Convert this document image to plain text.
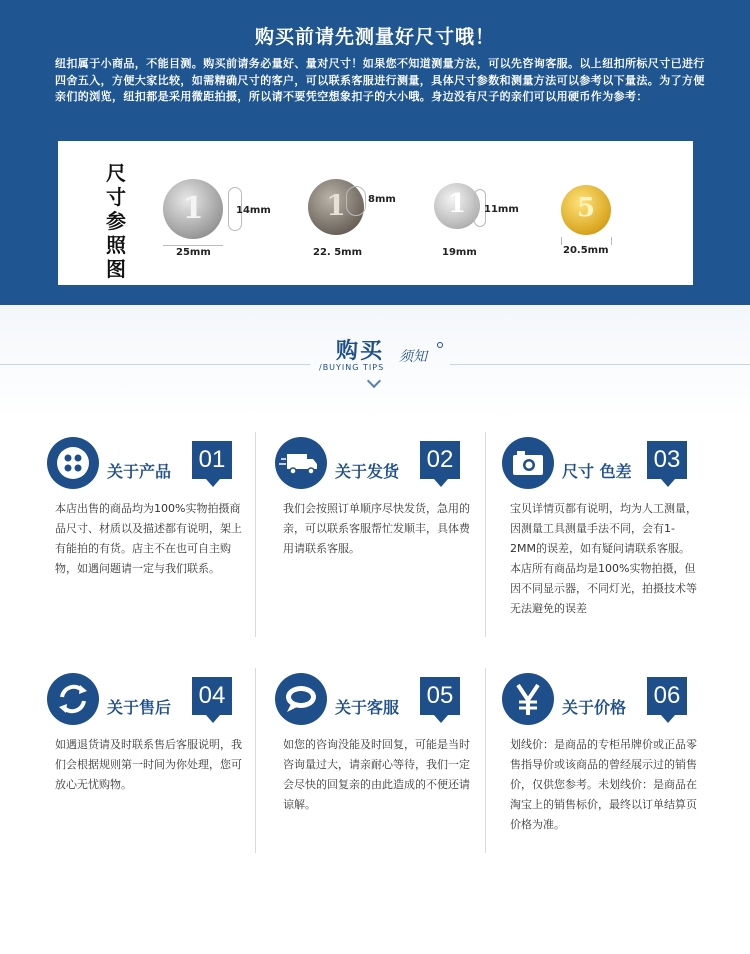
购买前请先测量好尺寸哦！
纽扣属于小商品，不能目测。购买前请务必量好、量对尺寸！如果您不知道测量方法，可以先咨询客服。以上纽扣所标尺寸已进行四舍五入，方便大家比较，如需精确尺寸的客户，可以联系客服进行测量，具体尺寸参数和测量方法可以参考以下量法。为了方便亲们的浏览，纽扣都是采用微距拍摄，所以请不要凭空想象扣子的大小哦。身边没有尺子的亲们可以用硬币作为参考：
尺寸参照图
1	14mm
25mm
1	8mm
22. 5mm
1	11mm
19mm
5
20.5mm
购买 须知
/BUYING TIPS
关于产品 01
本店出售的商品均为100%实物拍摄商品尺寸、材质以及描述都有说明，架上有能拍的有货。店主不在也可自主购物，如遇问题请一定与我们联系。
关于发货 02
我们会按照订单顺序尽快发货，急用的亲，可以联系客服帮忙发顺丰，具体费用请联系客服。
尺寸 色差 03
宝贝详情页都有说明，均为人工测量，因测量工具测量手法不同，会有1-2MM的误差，如有疑问请联系客服。本店所有商品均是100%实物拍摄，但因不同显示器，不同灯光，拍摄技术等无法避免的误差
关于售后 04
如遇退货请及时联系售后客服说明，我们会根据规则第一时间为你处理，您可放心无忧购物。
关于客服 05
如您的咨询没能及时回复，可能是当时咨询量过大，请亲耐心等待，我们一定会尽快的回复亲的由此造成的不便还请谅解。
关于价格 06
划线价：是商品的专柜吊牌价或正品零售指导价或该商品的曾经展示过的销售价，仅供您参考。未划线价：是商品在淘宝上的销售标价，最终以订单结算页价格为准。
